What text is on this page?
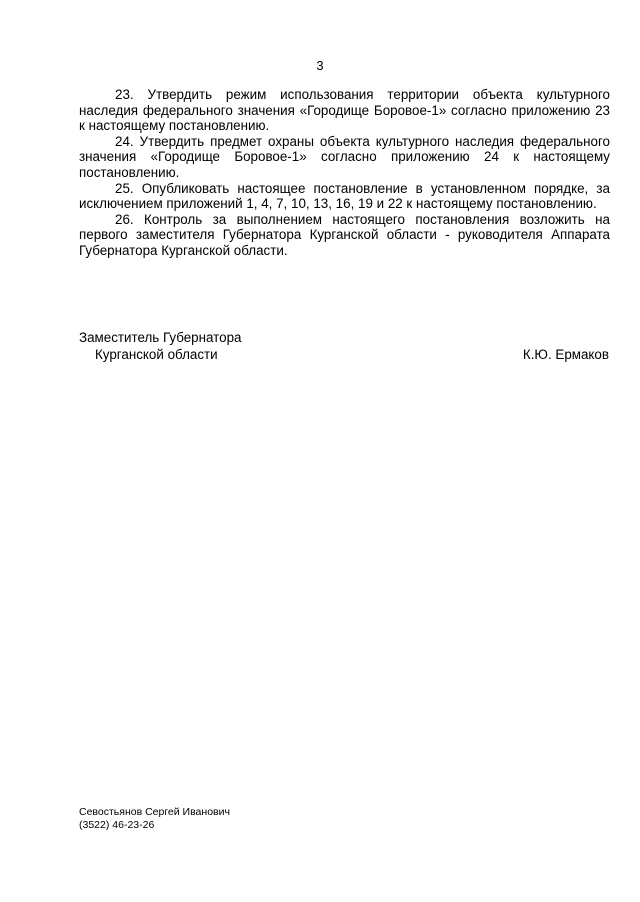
3

23. Утвердить режим использования территории объекта культурного наследия федерального значения «Городище Боровое-1» согласно приложению 23 к настоящему постановлению.

24. Утвердить предмет охраны объекта культурного наследия федерального значения «Городище Боровое-1» согласно приложению 24 к настоящему постановлению.

25. Опубликовать настоящее постановление в установленном порядке, за исключением приложений 1, 4, 7, 10, 13, 16, 19 и 22 к настоящему постановлению.

26. Контроль за выполнением настоящего постановления возложить на первого заместителя Губернатора Курганской области - руководителя Аппарата Губернатора Курганской области.

Заместитель Губернатора
Курганской области	К.Ю. Ермаков
Севостьянов Сергей Иванович
(3522) 46-23-26
